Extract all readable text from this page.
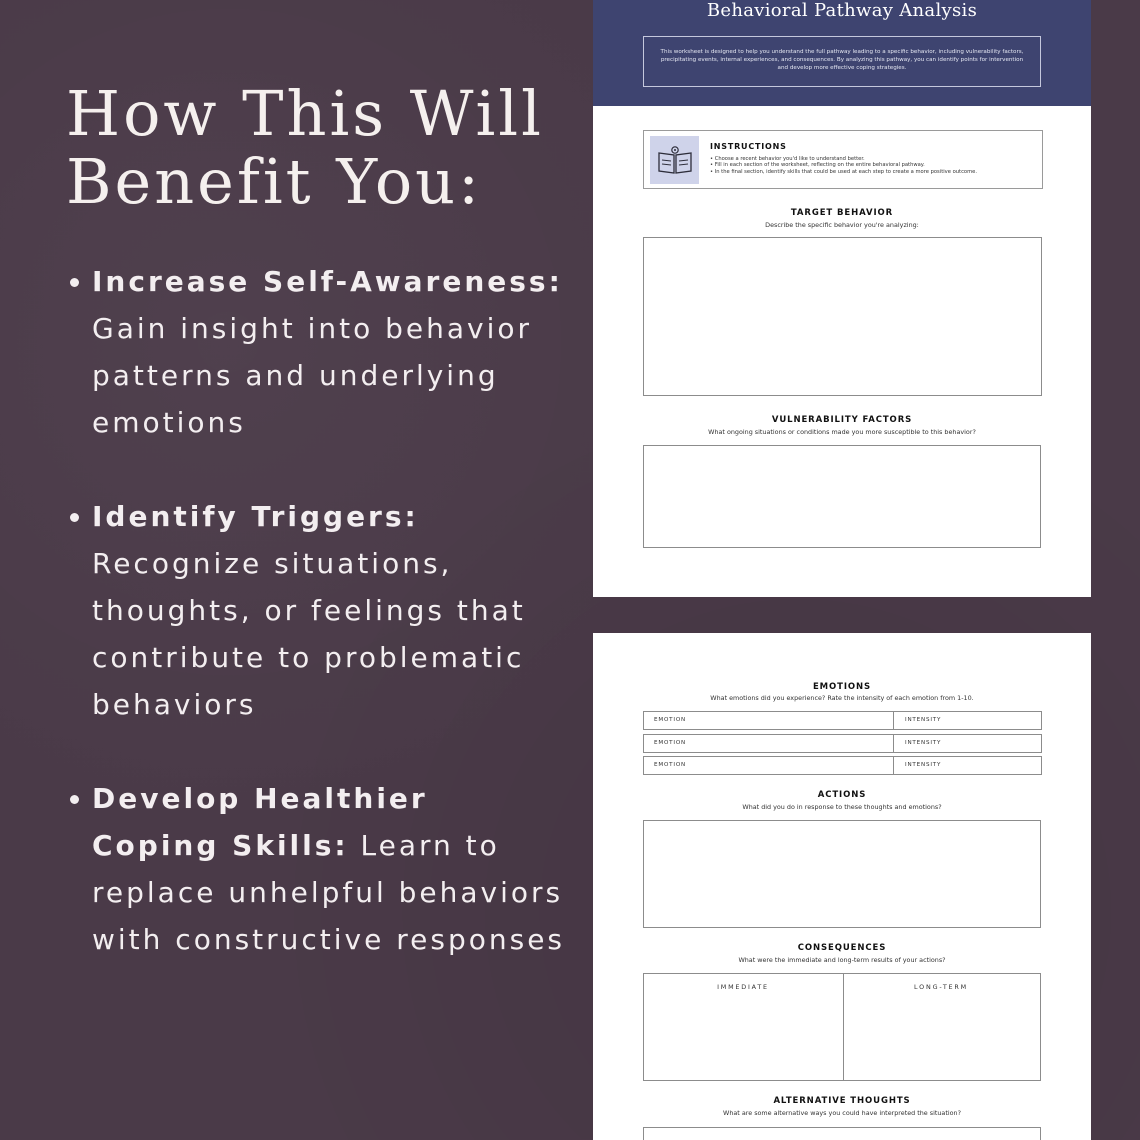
How This Will
Benefit You:
Increase Self-Awareness: Gain insight into behavior patterns and underlying emotions
Identify Triggers: Recognize situations, thoughts, or feelings that contribute to problematic behaviors
Develop Healthier Coping Skills: Learn to replace unhelpful behaviors with constructive responses
Behavioral Pathway Analysis
This worksheet is designed to help you understand the full pathway leading to a specific behavior, including vulnerability factors, precipitating events, internal experiences, and consequences. By analyzing this pathway, you can identify points for intervention and develop more effective coping strategies.
INSTRUCTIONS
• Choose a recent behavior you'd like to understand better.
• Fill in each section of the worksheet, reflecting on the entire behavioral pathway.
• In the final section, identify skills that could be used at each step to create a more positive outcome.
TARGET BEHAVIOR
Describe the specific behavior you're analyzing:
VULNERABILITY FACTORS
What ongoing situations or conditions made you more susceptible to this behavior?
EMOTIONS
What emotions did you experience? Rate the intensity of each emotion from 1-10.
EMOTION	INTENSITY
EMOTION	INTENSITY
EMOTION	INTENSITY
ACTIONS
What did you do in response to these thoughts and emotions?
CONSEQUENCES
What were the immediate and long-term results of your actions?
IMMEDIATE	LONG-TERM
ALTERNATIVE THOUGHTS
What are some alternative ways you could have interpreted the situation?
